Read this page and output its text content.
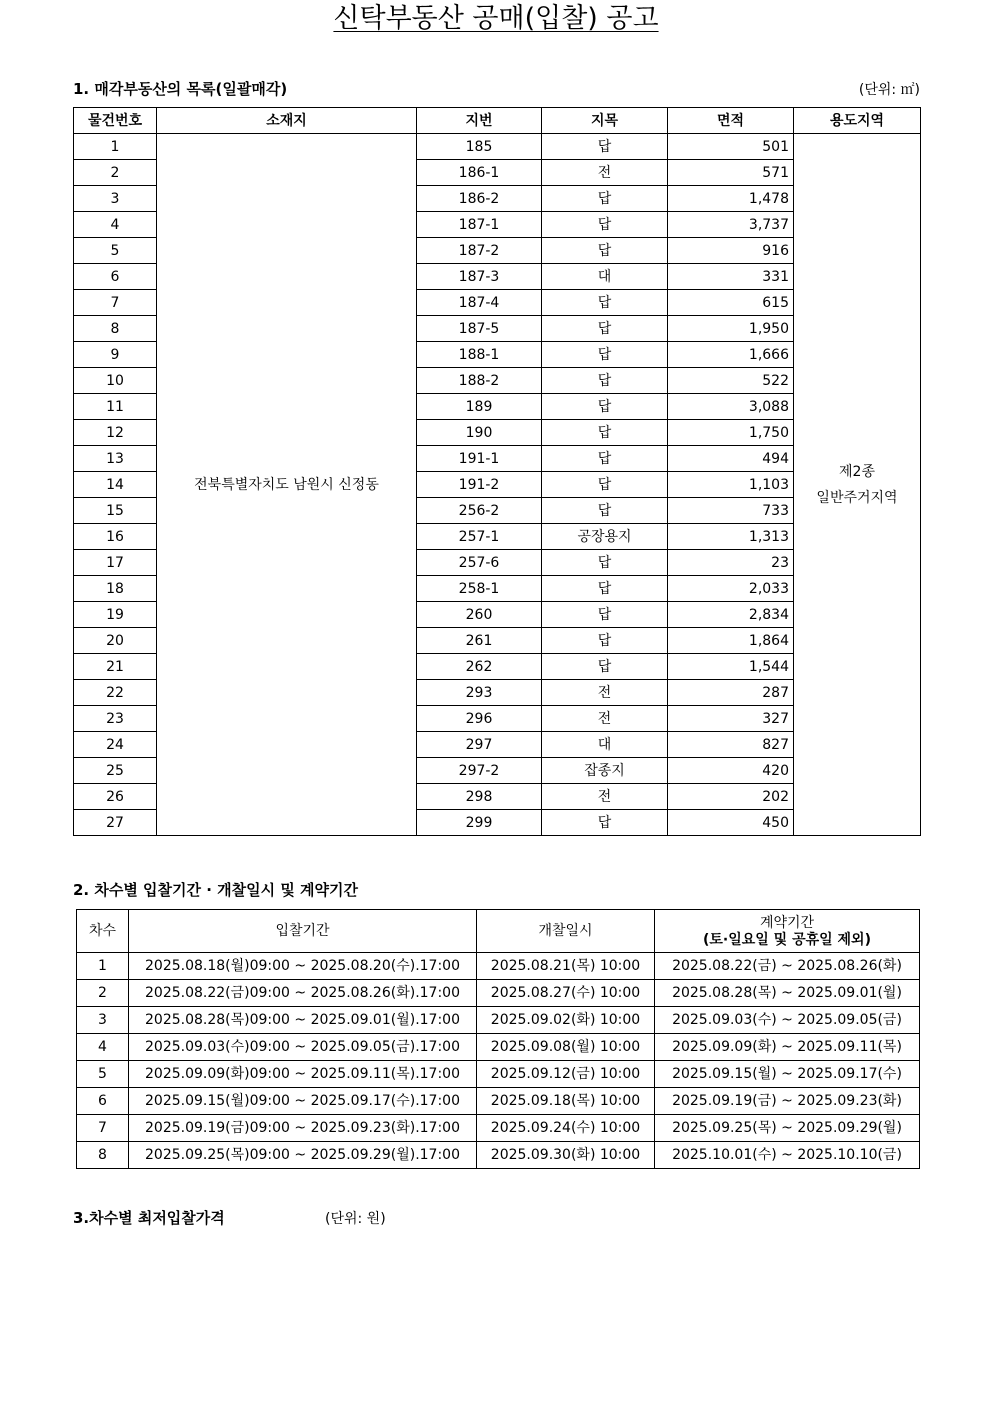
신탁부동산 공매(입찰) 공고
1. 매각부동산의 목록(일괄매각)	(단위: ㎡)
물건번호	소재지	지번	지목	면적	용도지역
1	전북특별자치도 남원시 신정동	185	답	501	제2종
일반주거지역

2		186-1	전	571	
3		186-2	답	1,478	
4		187-1	답	3,737	
5		187-2	답	916	
6		187-3	대	331	
7		187-4	답	615	
8		187-5	답	1,950	
9		188-1	답	1,666	
10		188-2	답	522	
11		189	답	3,088	
12		190	답	1,750	
13		191-1	답	494	
14		191-2	답	1,103	
15		256-2	답	733	
16		257-1	공장용지	1,313	
17		257-6	답	23	
18		258-1	답	2,033	
19		260	답	2,834	
20		261	답	1,864	
21		262	답	1,544	
22		293	전	287	
23		296	전	327	
24		297	대	827	
25		297-2	잡종지	420	
26		298	전	202	
27		299	답	450	
2. 차수별 입찰기간 · 개찰일시 및 계약기간
차수	입찰기간	개찰일시	계약기간
(토·일요일 및 공휴일 제외)

1	2025.08.18(월)09:00 ~ 2025.08.20(수).17:00	2025.08.21(목) 10:00	2025.08.22(금) ~ 2025.08.26(화)
2	2025.08.22(금)09:00 ~ 2025.08.26(화).17:00	2025.08.27(수) 10:00	2025.08.28(목) ~ 2025.09.01(월)
3	2025.08.28(목)09:00 ~ 2025.09.01(월).17:00	2025.09.02(화) 10:00	2025.09.03(수) ~ 2025.09.05(금)
4	2025.09.03(수)09:00 ~ 2025.09.05(금).17:00	2025.09.08(월) 10:00	2025.09.09(화) ~ 2025.09.11(목)
5	2025.09.09(화)09:00 ~ 2025.09.11(목).17:00	2025.09.12(금) 10:00	2025.09.15(월) ~ 2025.09.17(수)
6	2025.09.15(월)09:00 ~ 2025.09.17(수).17:00	2025.09.18(목) 10:00	2025.09.19(금) ~ 2025.09.23(화)
7	2025.09.19(금)09:00 ~ 2025.09.23(화).17:00	2025.09.24(수) 10:00	2025.09.25(목) ~ 2025.09.29(월)
8	2025.09.25(목)09:00 ~ 2025.09.29(월).17:00	2025.09.30(화) 10:00	2025.10.01(수) ~ 2025.10.10(금)
3.차수별 최저입찰가격	(단위: 원)
